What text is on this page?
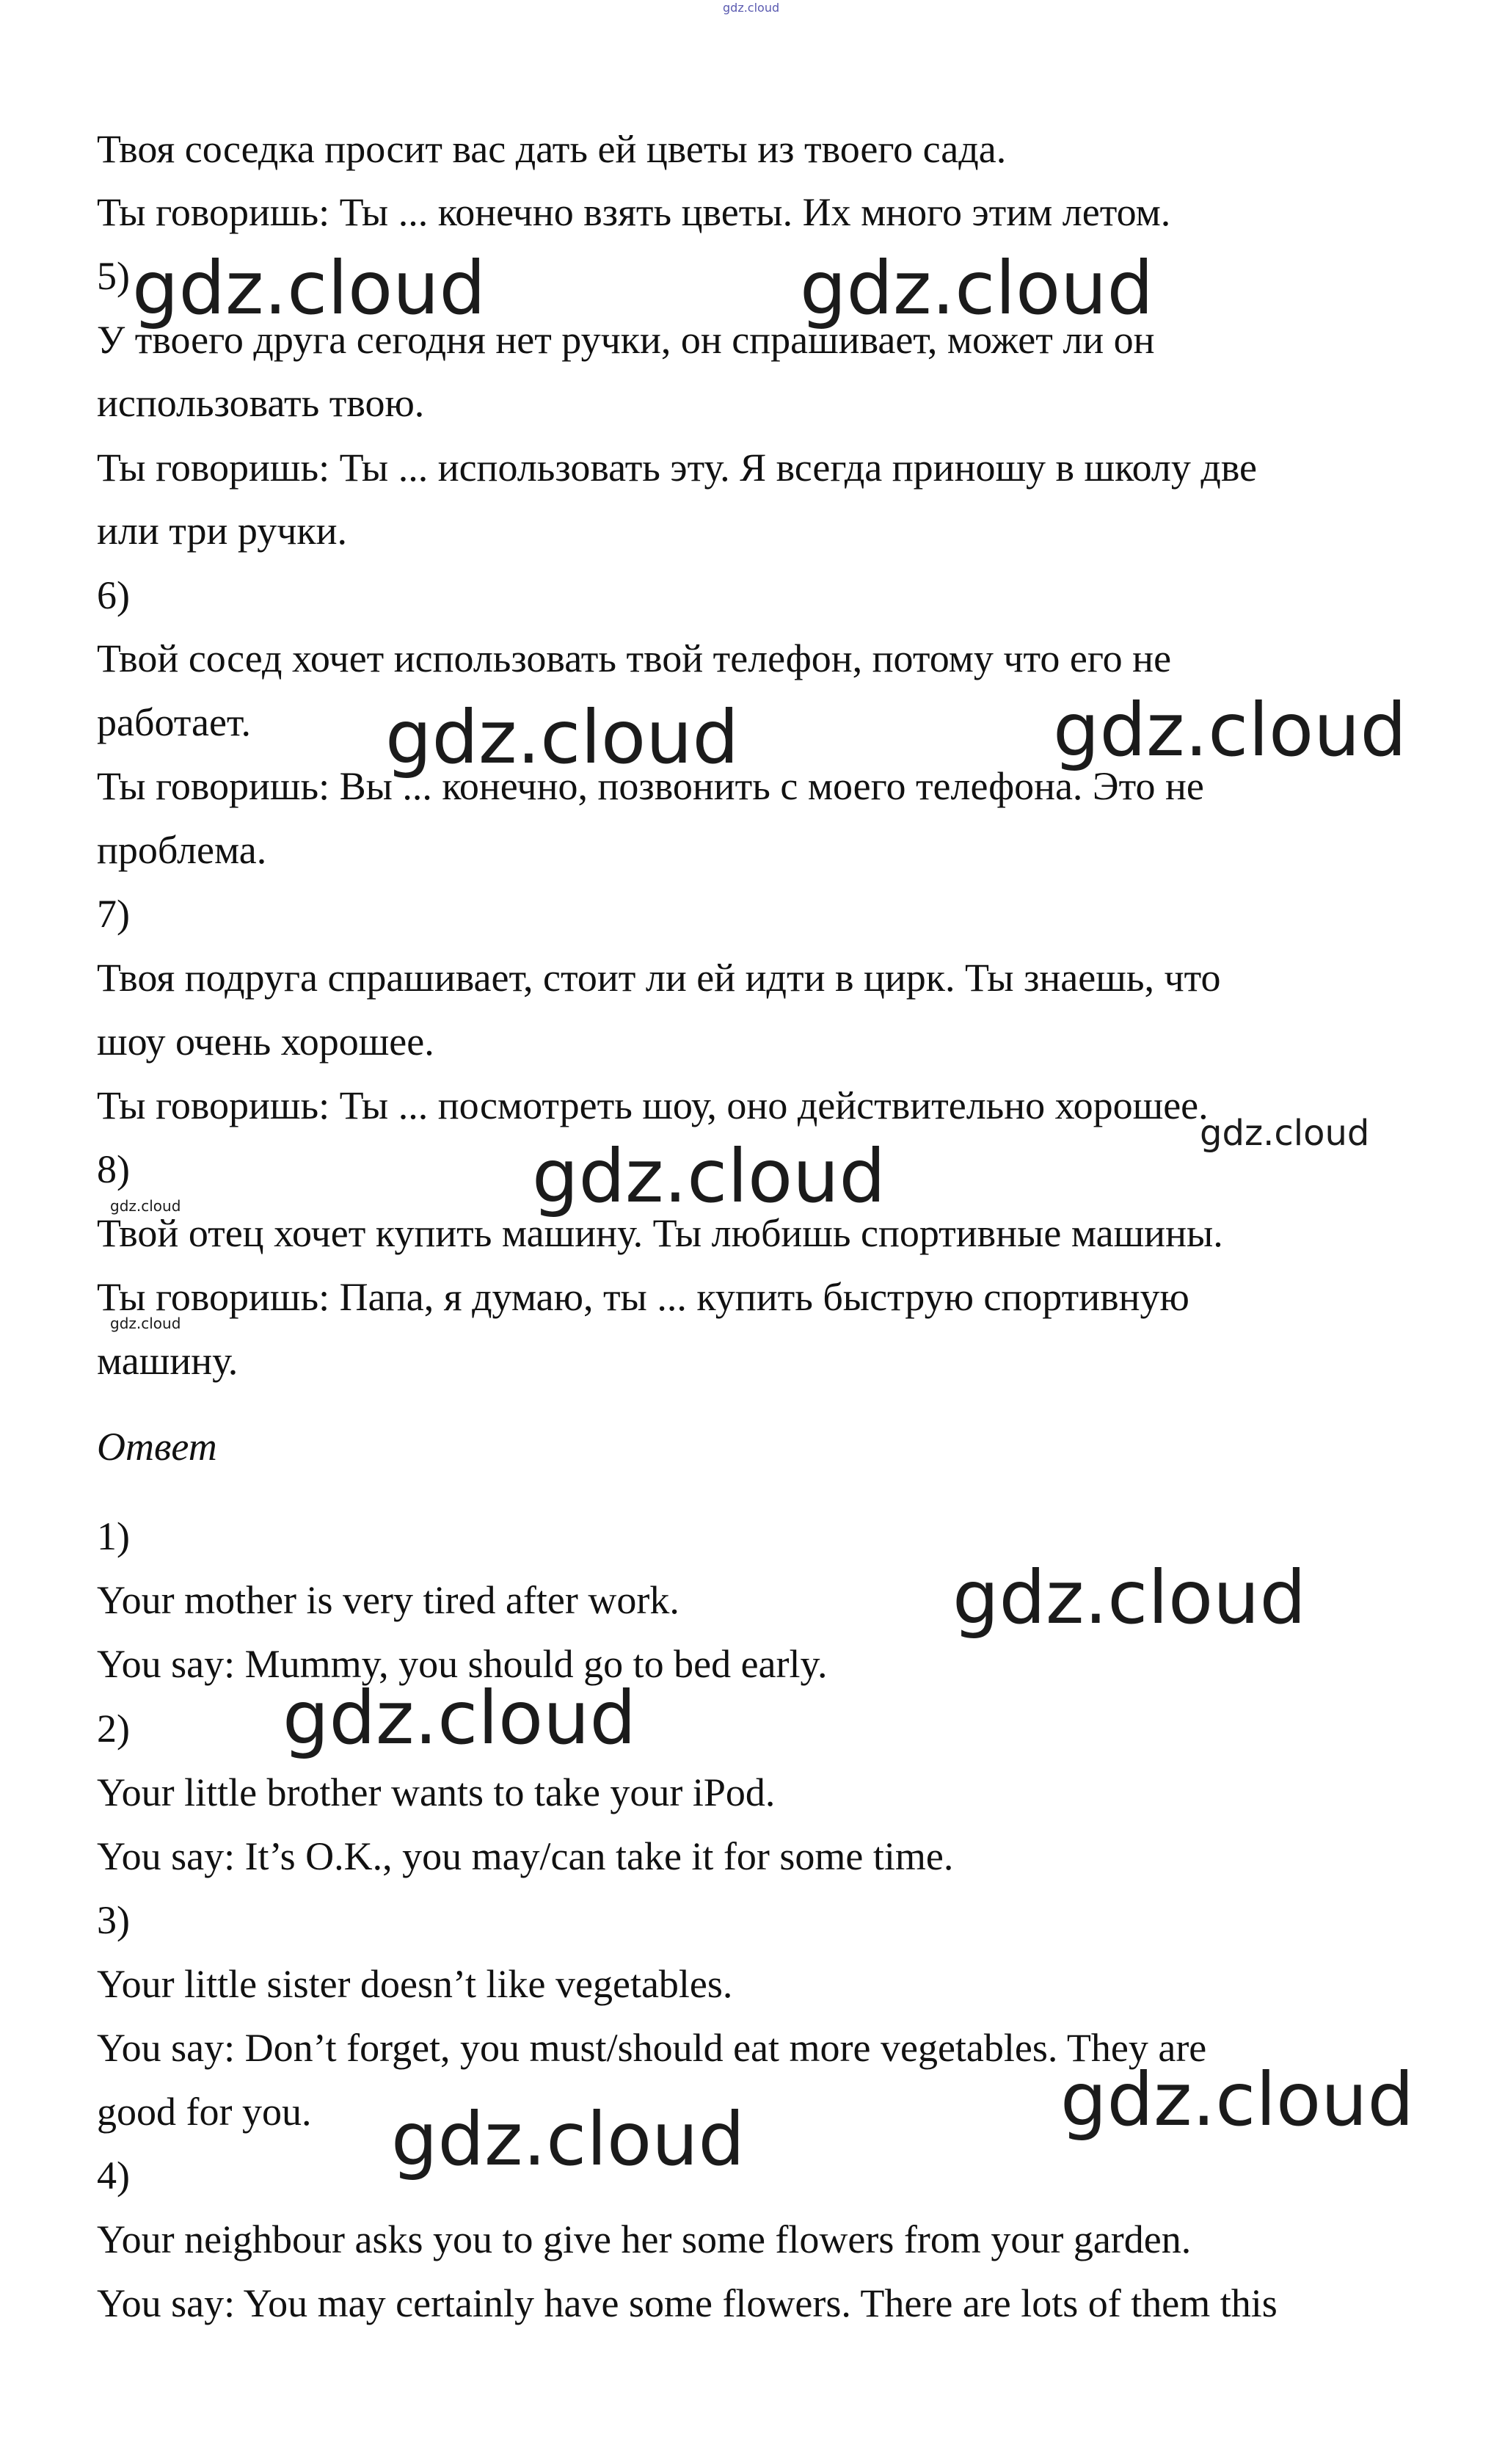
gdz.cloud
Твоя соседка просит вас дать ей цветы из твоего сада.
Ты говоришь: Ты ... конечно взять цветы. Их много этим летом.
5)
У твоего друга сегодня нет ручки, он спрашивает, может ли он
использовать твою.
Ты говоришь: Ты ... использовать эту. Я всегда приношу в школу две
или три ручки.
6)
Твой сосед хочет использовать твой телефон, потому что его не
работает.
Ты говоришь: Вы ... конечно, позвонить с моего телефона. Это не
проблема.
7)
Твоя подруга спрашивает, стоит ли ей идти в цирк. Ты знаешь, что
шоу очень хорошее.
Ты говоришь: Ты ... посмотреть шоу, оно действительно хорошее.
8)
Твой отец хочет купить машину. Ты любишь спортивные машины.
Ты говоришь: Папа, я думаю, ты ... купить быструю спортивную
машину.
Ответ
1)
Your mother is very tired after work.
You say: Mummy, you should go to bed early.
2)
Your little brother wants to take your iPod.
You say: It’s O.K., you may/can take it for some time.
3)
Your little sister doesn’t like vegetables.
You say: Don’t forget, you must/should eat more vegetables. They are
good for you.
4)
Your neighbour asks you to give her some flowers from your garden.
You say: You may certainly have some flowers. There are lots of them this
gdz.cloud	gdz.cloud
gdz.cloud	gdz.cloud
gdz.cloud
gdz.cloud
gdz.cloud
gdz.cloud
gdz.cloud
gdz.cloud
gdz.cloud
gdz.cloud
